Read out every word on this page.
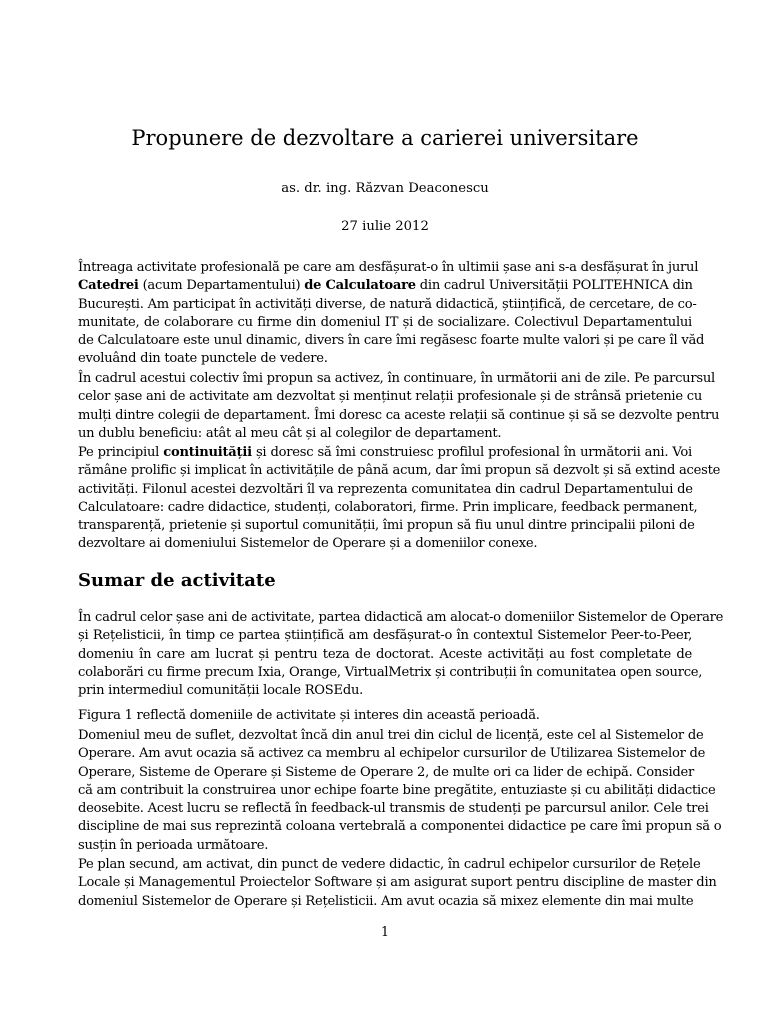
Propunere de dezvoltare a carierei universitare
as. dr. ing. Răzvan Deaconescu
27 iulie 2012

Întreaga activitate profesională pe care am desfășurat-o în ultimii șase ani s-a desfășurat în jurul
Catedrei (acum Departamentului) de Calculatoare din cadrul Universității POLITEHNICA din
București. Am participat în activități diverse, de natură didactică, științifică, de cercetare, de co-
munitate, de colaborare cu firme din domeniul IT și de socializare. Colectivul Departamentului
de Calculatoare este unul dinamic, divers în care îmi regăsesc foarte multe valori și pe care îl văd
evoluând din toate punctele de vedere.

În cadrul acestui colectiv îmi propun sa activez, în continuare, în următorii ani de zile. Pe parcursul
celor șase ani de activitate am dezvoltat și menținut relații profesionale și de strânsă prietenie cu
mulți dintre colegii de departament. Îmi doresc ca aceste relații să continue și să se dezvolte pentru
un dublu beneficiu: atât al meu cât și al colegilor de departament.

Pe principiul continuității și doresc să îmi construiesc profilul profesional în următorii ani. Voi
rămâne prolific și implicat în activitățile de până acum, dar îmi propun să dezvolt și să extind aceste
activități. Filonul acestei dezvoltări îl va reprezenta comunitatea din cadrul Departamentului de
Calculatoare: cadre didactice, studenți, colaboratori, firme. Prin implicare, feedback permanent,
transparență, prietenie și suportul comunității, îmi propun să fiu unul dintre principalii piloni de
dezvoltare ai domeniului Sistemelor de Operare și a domeniilor conexe.

Sumar de activitate

În cadrul celor șase ani de activitate, partea didactică am alocat-o domeniilor Sistemelor de Operare
și Rețelisticii, în timp ce partea științifică am desfășurat-o în contextul Sistemelor Peer-to-Peer,
domeniu în care am lucrat și pentru teza de doctorat. Aceste activități au fost completate de
colaborări cu firme precum Ixia, Orange, VirtualMetrix și contribuții în comunitatea open source,
prin intermediul comunității locale ROSEdu.

Figura 1 reflectă domeniile de activitate și interes din această perioadă.

Domeniul meu de suflet, dezvoltat încă din anul trei din ciclul de licență, este cel al Sistemelor de
Operare. Am avut ocazia să activez ca membru al echipelor cursurilor de Utilizarea Sistemelor de
Operare, Sisteme de Operare și Sisteme de Operare 2, de multe ori ca lider de echipă. Consider
că am contribuit la construirea unor echipe foarte bine pregătite, entuziaste și cu abilități didactice
deosebite. Acest lucru se reflectă în feedback-ul transmis de studenți pe parcursul anilor. Cele trei
discipline de mai sus reprezintă coloana vertebrală a componentei didactice pe care îmi propun să o
susțin în perioada următoare.

Pe plan secund, am activat, din punct de vedere didactic, în cadrul echipelor cursurilor de Rețele
Locale și Managementul Proiectelor Software și am asigurat suport pentru discipline de master din
domeniul Sistemelor de Operare și Rețelisticii. Am avut ocazia să mixez elemente din mai multe

1
